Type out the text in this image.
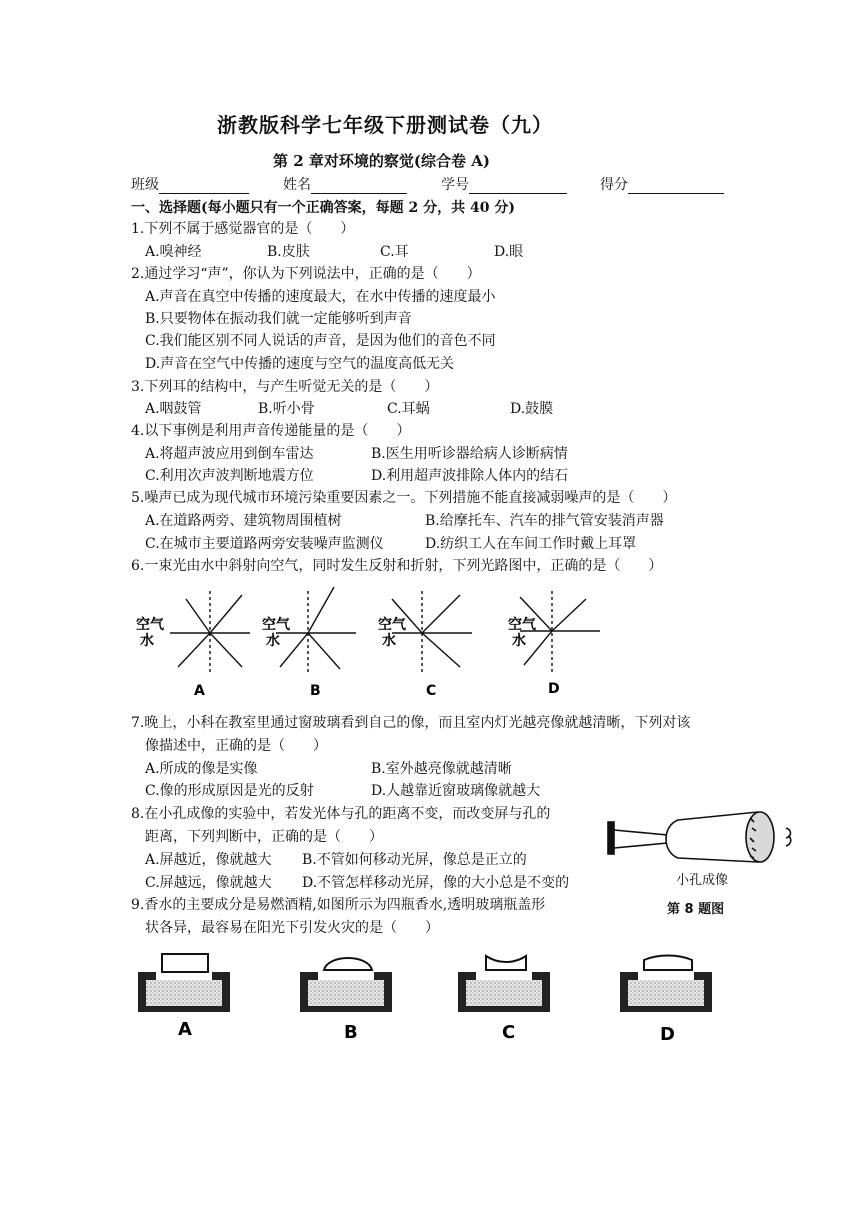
浙教版科学七年级下册测试卷（九）
第 2 章对环境的察觉(综合卷 A)
班级	姓名	学号	得分
一、选择题(每小题只有一个正确答案，每题 2 分，共 40 分)
1.下列不属于感觉器官的是（　　）
A.嗅神经	B.皮肤	C.耳	D.眼
2.通过学习“声”，你认为下列说法中，正确的是（　　）
A.声音在真空中传播的速度最大，在水中传播的速度最小
B.只要物体在振动我们就一定能够听到声音
C.我们能区别不同人说话的声音，是因为他们的音色不同
D.声音在空气中传播的速度与空气的温度高低无关
3.下列耳的结构中，与产生听觉无关的是（　　）
A.咽鼓管	B.听小骨	C.耳蜗	D.鼓膜
4.以下事例是利用声音传递能量的是（　　）
A.将超声波应用到倒车雷达	B.医生用听诊器给病人诊断病情
C.利用次声波判断地震方位	D.利用超声波排除人体内的结石
5.噪声已成为现代城市环境污染重要因素之一。下列措施不能直接减弱噪声的是（　　）
A.在道路两旁、建筑物周围植树	B.给摩托车、汽车的排气管安装消声器
C.在城市主要道路两旁安装噪声监测仪	D.纺织工人在车间工作时戴上耳罩
6.一束光由水中斜射向空气，同时发生反射和折射，下列光路图中，正确的是（　　）
空气
水
A
空气
水
B
空气
水
C
空气
水
D
7.晚上，小科在教室里通过窗玻璃看到自己的像，而且室内灯光越亮像就越清晰，下列对该
像描述中，正确的是（　　）
A.所成的像是实像	B.室外越亮像就越清晰
C.像的形成原因是光的反射	D.人越靠近窗玻璃像就越大
8.在小孔成像的实验中，若发光体与孔的距离不变，而改变屏与孔的
距离，下列判断中，正确的是（　　）
A.屏越近，像就越大 B.不管如何移动光屏，像总是正立的
C.屏越远，像就越大 D.不管怎样移动光屏，像的大小总是不变的	小孔成像
第 8 题图
9.香水的主要成分是易燃酒精,如图所示为四瓶香水,透明玻璃瓶盖形
状各异，最容易在阳光下引发火灾的是（　　）
A	B	C	D
